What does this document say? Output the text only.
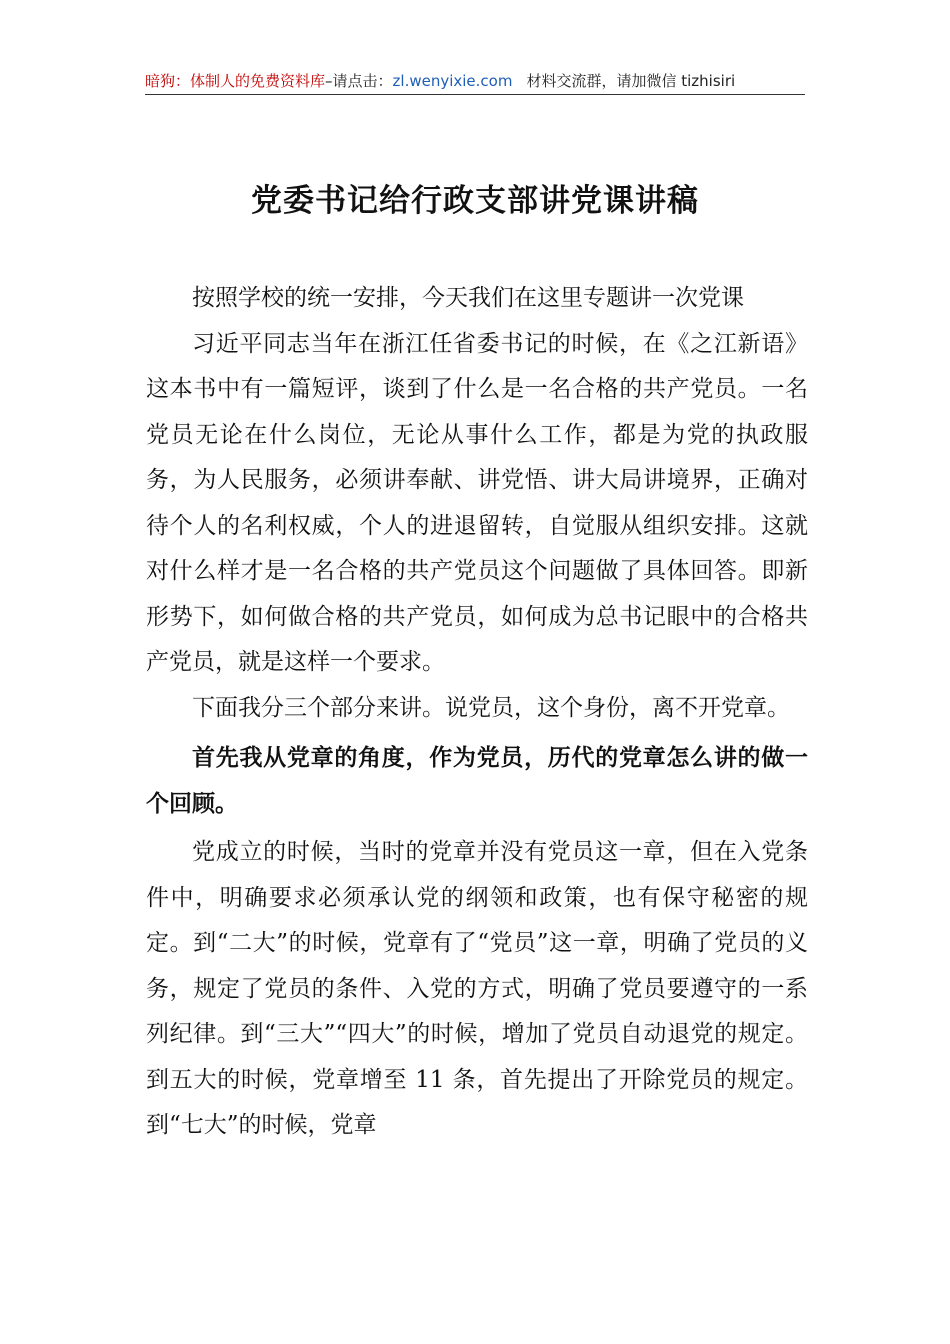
暗狗：体制人的免费资料库–请点击：zl.wenyixie.com 材料交流群，请加微信 tizhisiri
党委书记给行政支部讲党课讲稿

按照学校的统一安排，今天我们在这里专题讲一次党课

习近平同志当年在浙江任省委书记的时候，在《之江新语》这本书中有一篇短评，谈到了什么是一名合格的共产党员。一名党员无论在什么岗位，无论从事什么工作，都是为党的执政服务，为人民服务，必须讲奉献、讲党悟、讲大局讲境界，正确对待个人的名利权威，个人的进退留转，自觉服从组织安排。这就对什么样才是一名合格的共产党员这个问题做了具体回答。即新形势下，如何做合格的共产党员，如何成为总书记眼中的合格共产党员，就是这样一个要求。

下面我分三个部分来讲。说党员，这个身份，离不开党章。

首先我从党章的角度，作为党员，历代的党章怎么讲的做一个回顾。

党成立的时候，当时的党章并没有党员这一章，但在入党条件中，明确要求必须承认党的纲领和政策，也有保守秘密的规定。到“二大”的时候，党章有了“党员”这一章，明确了党员的义务，规定了党员的条件、入党的方式，明确了党员要遵守的一系列纪律。到“三大”“四大”的时候，增加了党员自动退党的规定。到五大的时候，党章增至 11 条，首先提出了开除党员的规定。到“七大”的时候，党章
